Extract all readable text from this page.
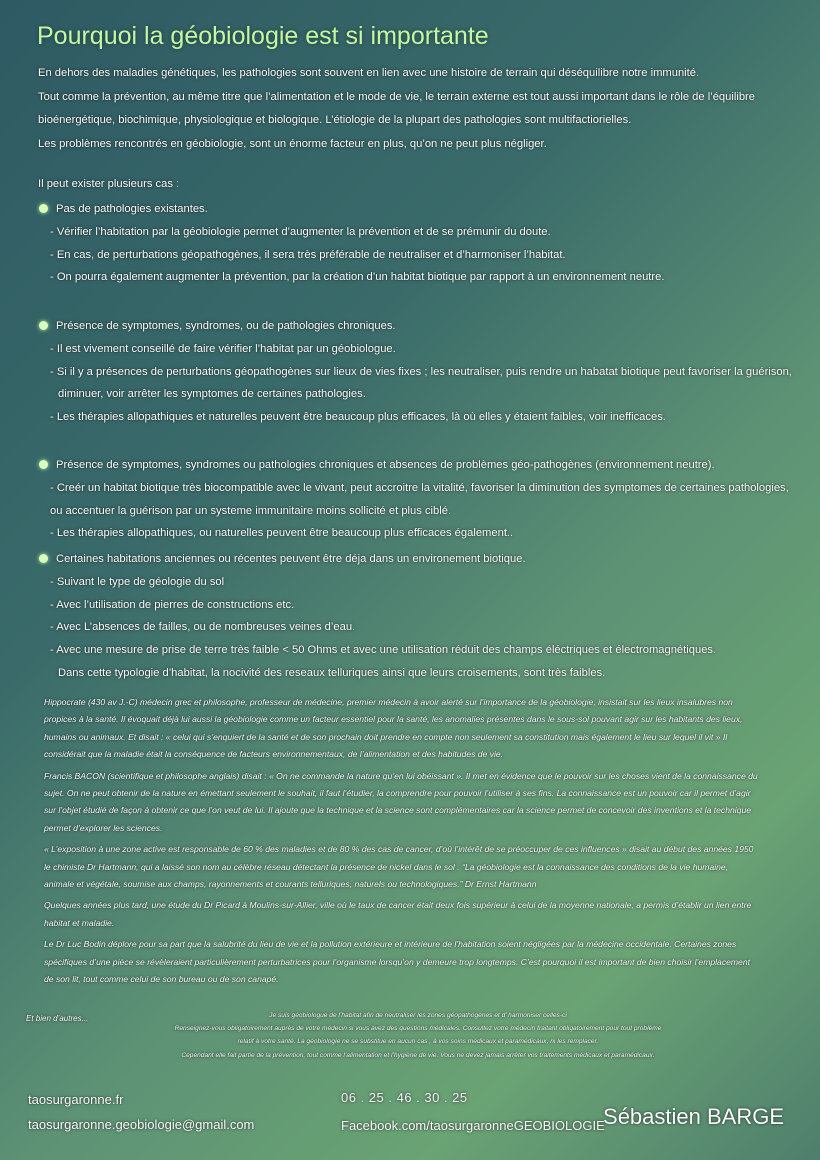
Pourquoi la géobiologie est si importante

En dehors des maladies génétiques, les pathologies sont souvent en lien avec une histoire de terrain qui déséquilibre notre immunité.

Tout comme la prévention, au même titre que l’alimentation et le mode de vie, le terrain externe est tout aussi important dans le rôle de l’équilibre

bioénergétique, biochimique, physiologique et biologique. L’étiologie de la plupart des pathologies sont multifactiorielles.

Les problèmes rencontrés en géobiologie, sont un énorme facteur en plus, qu’on ne peut plus négliger.

Il peut exister plusieurs cas :
Pas de pathologies existantes.
- Vérifier l’habitation par la géobiologie permet d’augmenter la prévention et de se prémunir du doute.
- En cas, de perturbations géopathogènes, il sera très préférable de neutraliser et d’harmoniser l’habitat.
- On pourra également augmenter la prévention, par la création d’un habitat biotique par rapport à un environnement neutre.
Présence de symptomes, syndromes, ou de pathologies chroniques.
- Il est vivement conseillé de faire vérifier l’habitat par un géobiologue.
- Si il y a présences de perturbations géopathogènes sur lieux de vies fixes ; les neutraliser, puis rendre un habatat biotique peut favoriser la guérison,
diminuer, voir arrêter les symptomes de certaines pathologies.
- Les thérapies allopathiques et naturelles peuvent être beaucoup plus efficaces, là où elles y étaient faibles, voir inefficaces.
Présence de symptomes, syndromes ou pathologies chroniques et absences de problèmes géo-pathogènes (environnement neutre).
- Creér un habitat biotique très biocompatible avec le vivant, peut accroitre la vitalité, favoriser la diminution des symptomes de certaines pathologies,
ou accentuer la guérison par un systeme immunitaire moins sollicité et plus ciblé.
- Les thérapies allopathiques, ou naturelles peuvent être beaucoup plus efficaces également..
Certaines habitations anciennes ou récentes peuvent être déja dans un environement biotique.
- Suivant le type de géologie du sol
- Avec l’utilisation de pierres de constructions etc.
- Avec L’absences de failles, ou de nombreuses veines d’eau.
- Avec une mesure de prise de terre très faible < 50 Ohms et avec une utilisation réduit des champs éléctriques et électromagnétiques.
Dans cette typologie d’habitat, la nocivité des reseaux telluriques ainsi que leurs croisements, sont très faibles.

Hippocrate (430 av J.-C) médecin grec et philosophe, professeur de médecine, premier médecin à avoir alerté sur l’importance de la géobiologie, insistait sur les lieux insalubres non propices à la santé. Il évoquait déjà lui aussi la géobiologie comme un facteur essentiel pour la santé, les anomalies présentes dans le sous-sol pouvant agir sur les habitants des lieux, humains ou animaux. Et disait : « celui qui s’enquiert de la santé et de son prochain doit prendre en compte non seulement sa constitution mais également le lieu sur lequel il vit » Il considérait que la maladie était la conséquence de facteurs environnementaux, de l’alimentation et des habitudes de vie.

Francis BACON (scientifique et philosophe anglais) disait : « On ne commande la nature qu’en lui obéissant ». Il met en évidence que le pouvoir sur les choses vient de la connaissance du sujet. On ne peut obtenir de la nature en émettant seulement le souhait, il faut l’étudier, la comprendre pour pouvoir l’utiliser à ses fins. La connaissance est un pouvoir car il permet d’agir sur l’objet étudié de façon à obtenir ce que l’on veut de lui. Il ajoute que la technique et la science sont complémentaires car la science permet de concevoir des inventions et la technique permet d’explorer les sciences.

« L’exposition à une zone active est responsable de 60 % des maladies et de 80 % des cas de cancer, d’où l’intérêt de se préoccuper de ces influences » disait au début des années 1950 le chimiste Dr Hartmann, qui a laissé son nom au célèbre réseau détectant la présence de nickel dans le sol . “La géobiologie est la connaissance des conditions de la vie humaine, animale et végétale, soumise aux champs, rayonnements et courants telluriques, naturels ou technologiques.” Dr Ernst Hartmann

Quelques années plus tard, une étude du Dr Picard à Moulins-sur-Allier, ville où le taux de cancer était deux fois supérieur à celui de la moyenne nationale, a permis d’établir un lien entre habitat et maladie.

Le Dr Luc Bodin déplore pour sa part que la salubrité du lieu de vie et la pollution extérieure et intérieure de l’habitation soient négligées par la médecine occidentale. Certaines zones spécifiques d’une pièce se révèleraient particulièrement perturbatrices pour l’organisme lorsqu’on y demeure trop longtemps. C’est pourquoi il est important de bien choisir l’emplacement de son lit, tout comme celui de son bureau ou de son canapé.

Et bien d’autres...	Je suis géobiologue de l’habitat afin de neutraliser les zones géopathogènes et d’ harmoniser celles-ci

Renseignez-vous obligatoirement auprès de votre médecin si vous avez des questions médicales. Consultez votre médecin traitant obligatoirement pour tout problème

relatif à votre santé. La géobiologie ne se substitue en aucun cas , à vos soins médicaux et paramédicaux, ni les remplacer.

Cependant elle fait partie de la prévention, tout comme l’alimentation et l’hygiène de vie. Vous ne devez jamais arrêter vos traitements médicaux et paramédicaux.

taosurgaronne.fr
taosurgaronne.geobiologie@gmail.com
06 . 25 . 46 . 30 . 25
Facebook.com/taosurgaronneGEOBIOLOGIE
Sébastien BARGE
